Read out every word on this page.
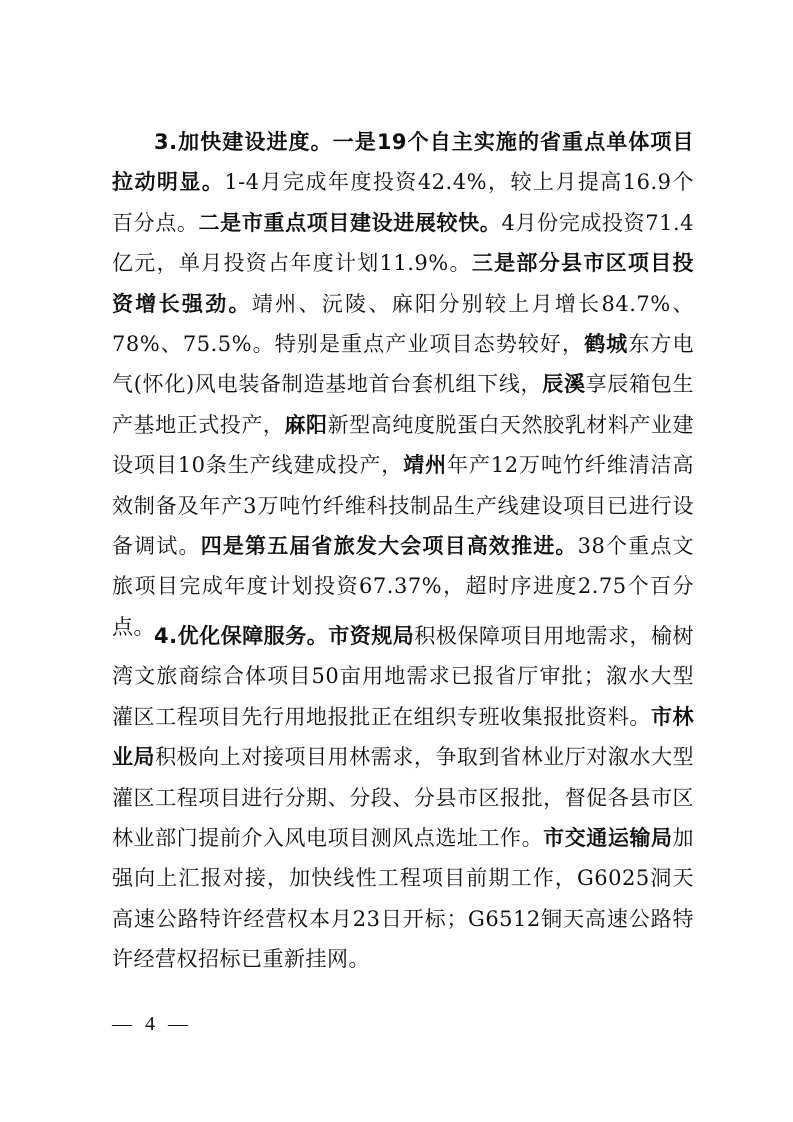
3.加快建设进度。一是19个自主实施的省重点单体项目拉动明显。1-4月完成年度投资42.4%，较上月提高16.9个百分点。二是市重点项目建设进展较快。4月份完成投资71.4亿元，单月投资占年度计划11.9%。三是部分县市区项目投资增长强劲。靖州、沅陵、麻阳分别较上月增长84.7%、78%、75.5%。特别是重点产业项目态势较好，鹤城东方电气(怀化)风电装备制造基地首台套机组下线，辰溪享辰箱包生产基地正式投产，麻阳新型高纯度脱蛋白天然胶乳材料产业建设项目10条生产线建成投产，靖州年产12万吨竹纤维清洁高效制备及年产3万吨竹纤维科技制品生产线建设项目已进行设备调试。四是第五届省旅发大会项目高效推进。38个重点文旅项目完成年度计划投资67.37%，超时序进度2.75个百分点。 4.优化保障服务。市资规局积极保障项目用地需求，榆树湾文旅商综合体项目50亩用地需求已报省厅审批；溆水大型灌区工程项目先行用地报批正在组织专班收集报批资料。市林业局积极向上对接项目用林需求，争取到省林业厅对溆水大型灌区工程项目进行分期、分段、分县市区报批，督促各县市区林业部门提前介入风电项目测风点选址工作。市交通运输局加强向上汇报对接，加快线性工程项目前期工作，G6025洞天高速公路特许经营权本月23日开标；G6512铜天高速公路特许经营权招标已重新挂网。

— 4 —
